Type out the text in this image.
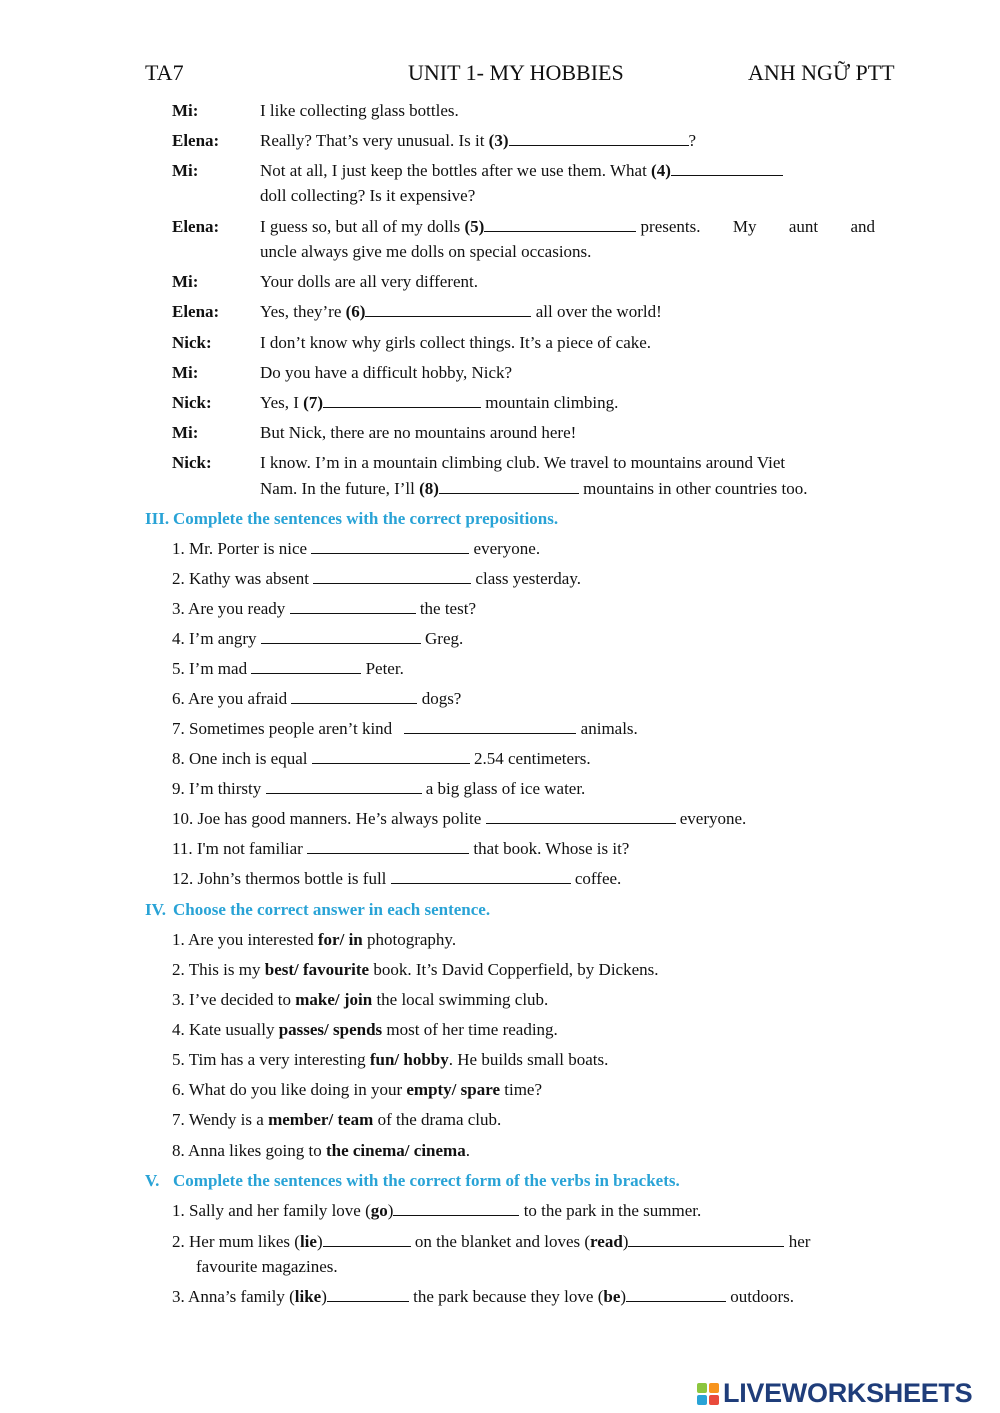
TA7	UNIT 1- MY HOBBIES	ANH NGỮ PTT
Mi:	I like collecting glass bottles.
Elena: Really? That’s very unusual. Is it (3)	?
Mi:	Not at all, I just keep the bottles after we use them. What (4)
doll collecting? Is it expensive?
Elena: I guess so, but all of my dolls (5)	presents. My aunt and
uncle always give me dolls on special occasions.
Mi:	Your dolls are all very different.
Elena: Yes, they’re (6)	all over the world!
Nick:	I don’t know why girls collect things. It’s a piece of cake.
Mi:	Do you have a difficult hobby, Nick?
Nick:	Yes, I (7)	mountain climbing.
Mi:	But Nick, there are no mountains around here!
Nick:	I know. I’m in a mountain climbing club. We travel to mountains around Viet
Nam. In the future, I’ll (8)	mountains in other countries too.
III. Complete the sentences with the correct prepositions.
1. Mr. Porter is nice	everyone.
2. Kathy was absent	class yesterday.
3. Are you ready	the test?
4. I’m angry	Greg.
5. I’m mad	Peter.
6. Are you afraid	dogs?
7. Sometimes people aren’t kind	animals.
8. One inch is equal	2.54 centimeters.
9. I’m thirsty	a big glass of ice water.
10. Joe has good manners. He’s always polite	everyone.
11. I'm not familiar	that book. Whose is it?
12. John’s thermos bottle is full	coffee.
IV. Choose the correct answer in each sentence.
1. Are you interested for/ in photography.
2. This is my best/ favourite book. It’s David Copperfield, by Dickens.
3. I’ve decided to make/ join the local swimming club.
4. Kate usually passes/ spends most of her time reading.
5. Tim has a very interesting fun/ hobby. He builds small boats.
6. What do you like doing in your empty/ spare time?
7. Wendy is a member/ team of the drama club.
8. Anna likes going to the cinema/ cinema.
V. Complete the sentences with the correct form of the verbs in brackets.
1. Sally and her family love (go)	to the park in the summer.
2. Her mum likes (lie)	on the blanket and loves (read)	her
favourite magazines.
3. Anna’s family (like)	the park because they love (be)	outdoors.
LIVEWORKSHEETS
